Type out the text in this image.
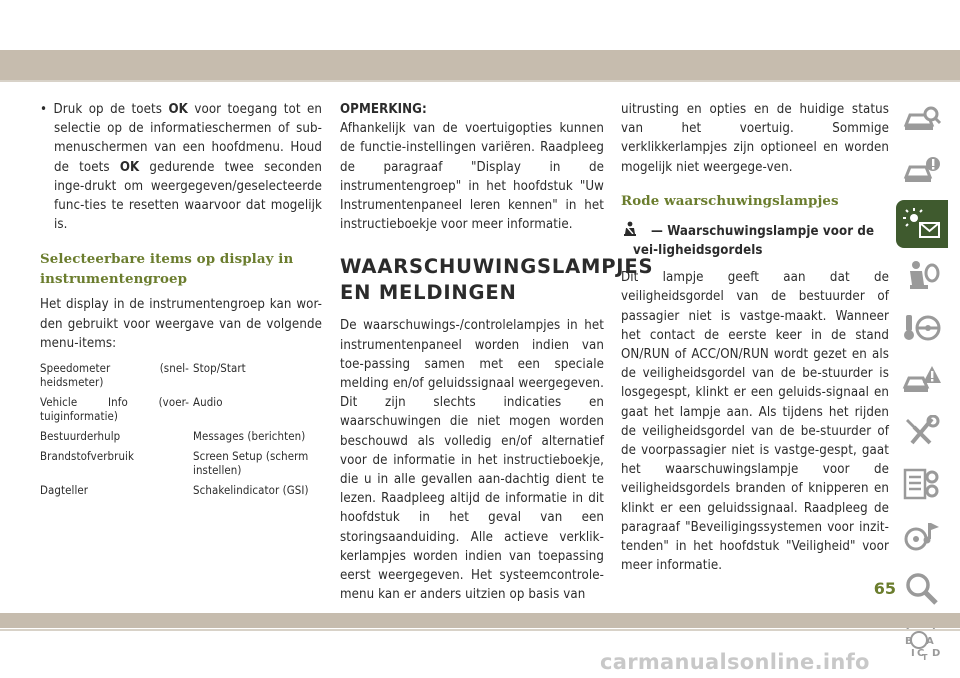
• Druk op de toets OK voor toegang tot en selectie op de informatieschermen of sub-menuschermen van een hoofdmenu. Houd de toets OK gedurende twee seconden inge-drukt om weergegeven/geselecteerde func-ties te resetten waarvoor dat mogelijk is.

Selecteerbare items op display in instrumentengroep

Het display in de instrumentengroep kan wor-den gebruikt voor weergave van de volgende menu-items:

Speedometer (snel-heidsmeter)	Stop/Start
Vehicle Info (voer-tuiginformatie)	Audio
Bestuurderhulp	Messages (berichten)
Brandstofverbruik	Screen Setup (scherm instellen)
Dagteller	Schakelindicator (GSI)
OPMERKING:

Afhankelijk van de voertuigopties kunnen de functie-instellingen variëren. Raadpleeg de paragraaf "Display in de instrumentengroep" in het hoofdstuk "Uw Instrumentenpaneel leren kennen" in het instructieboekje voor meer informatie.

WAARSCHUWINGSLAMPJES EN MELDINGEN

De waarschuwings-/controlelampjes in het instrumentenpaneel worden indien van toe-passing samen met een speciale melding en/of geluidssignaal weergegeven. Dit zijn slechts indicaties en waarschuwingen die niet mogen worden beschouwd als volledig en/of alternatief voor de informatie in het instructieboekje, die u in alle gevallen aan-dachtig dient te lezen. Raadpleeg altijd de informatie in dit hoofdstuk in het geval van een storingsaanduiding. Alle actieve verklik-kerlampjes worden indien van toepassing eerst weergegeven. Het systeemcontrole-menu kan er anders uitzien op basis van

uitrusting en opties en de huidige status van het voertuig. Sommige verklikkerlampjes zijn optioneel en worden mogelijk niet weergege-ven.

Rode waarschuwingslampjes
— Waarschuwingslampje voor de vei-ligheidsgordels

Dit lampje geeft aan dat de veiligheidsgordel van de bestuurder of passagier niet is vastge-maakt. Wanneer het contact de eerste keer in de stand ON/RUN of ACC/ON/RUN wordt gezet en als de veiligheidsgordel van de be-stuurder is losgegespt, klinkt er een geluids-signaal en gaat het lampje aan. Als tijdens het rijden de veiligheidsgordel van de be-stuurder of de voorpassagier niet is vastge-gespt, gaat het waarschuwingslampje voor de veiligheidsgordels branden of knipperen en klinkt er een geluidssignaal. Raadpleeg de paragraaf "Beveiligingssystemen voor inzit-tenden" in het hoofdstuk "Veiligheid" voor meer informatie.

B A
I C D
T
65
carmanualsonline.info
